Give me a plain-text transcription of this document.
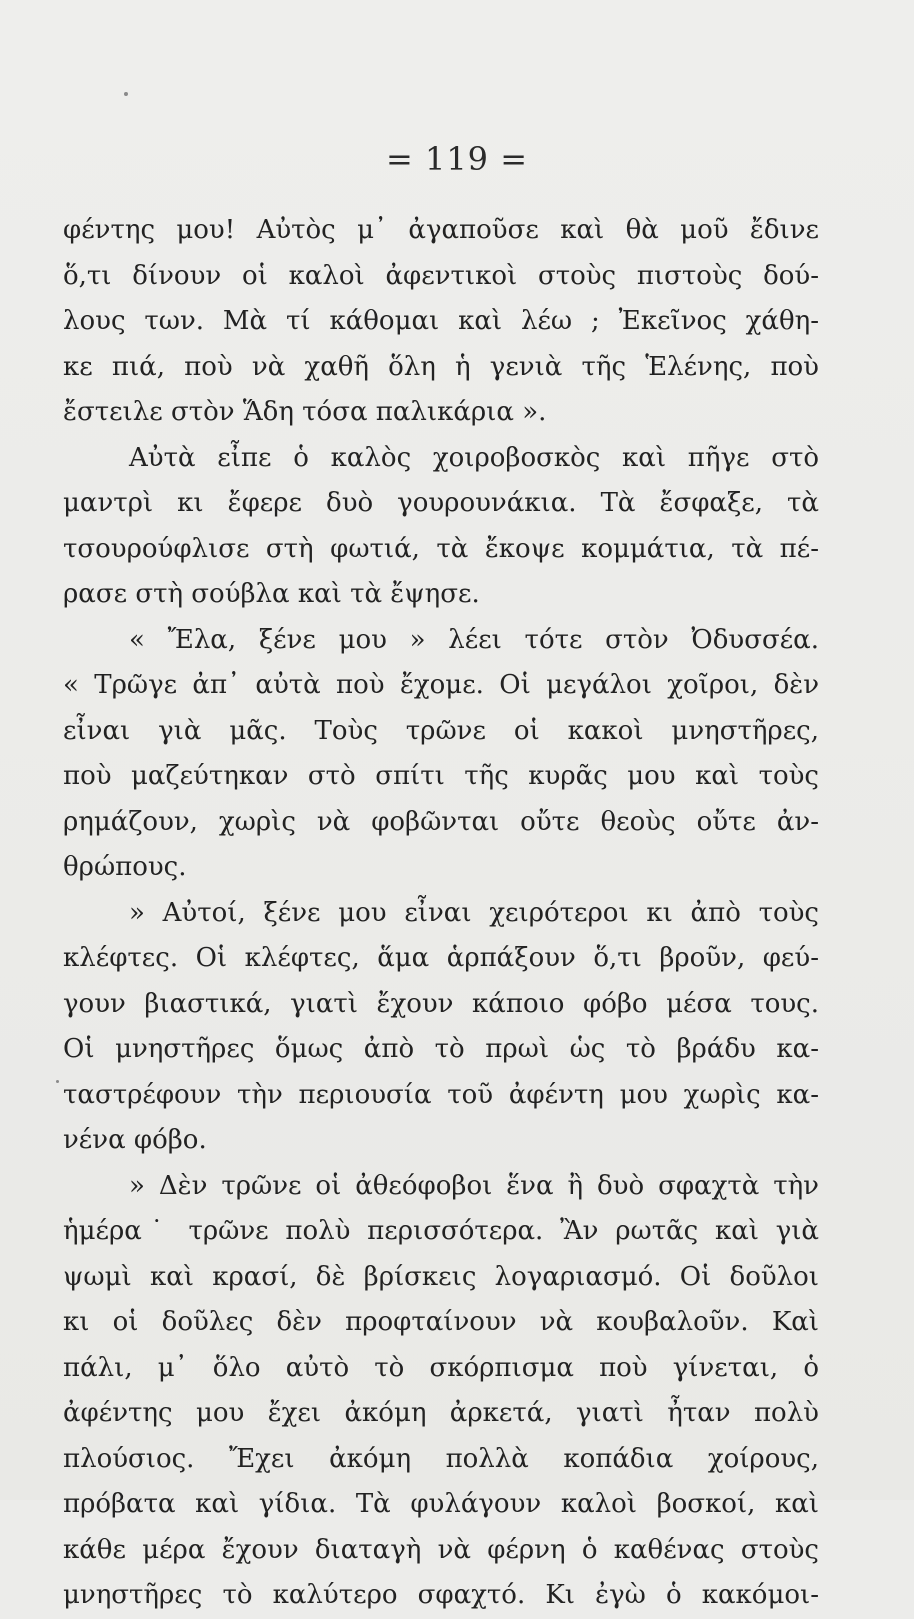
= 119 =
φέντης μου! Αὐτὸς μ᾽ ἀγαποῦσε καὶ θὰ μοῦ ἔδινε
ὅ,τι δίνουν οἱ καλοὶ ἀφεντικοὶ στοὺς πιστοὺς δού-
λους των. Μὰ τί κάθομαι καὶ λέω ; Ἐκεῖνος χάθη-
κε πιά, ποὺ νὰ χαθῆ ὅλη ἡ γενιὰ τῆς Ἑλένης, ποὺ
ἔστειλε στὸν Ἅδη τόσα παλικάρια ».
Αὐτὰ εἶπε ὁ καλὸς χοιροβοσκὸς καὶ πῆγε στὸ
μαντρὶ κι ἔφερε δυὸ γουρουνάκια. Τὰ ἔσφαξε, τὰ
τσουρούφλισε στὴ φωτιά, τὰ ἔκοψε κομμάτια, τὰ πέ-
ρασε στὴ σούβλα καὶ τὰ ἔψησε.
« Ἔλα, ξένε μου » λέει τότε στὸν Ὀδυσσέα.
« Τρῶγε ἀπ᾽ αὐτὰ ποὺ ἔχομε. Οἱ μεγάλοι χοῖροι, δὲν
εἶναι γιὰ μᾶς. Τοὺς τρῶνε οἱ κακοὶ μνηστῆρες,
ποὺ μαζεύτηκαν στὸ σπίτι τῆς κυρᾶς μου καὶ τοὺς
ρημάζουν, χωρὶς νὰ φοβῶνται οὔτε θεοὺς οὔτε ἀν-
θρώπους.
» Αὐτοί, ξένε μου εἶναι χειρότεροι κι ἀπὸ τοὺς
κλέφτες. Οἱ κλέφτες, ἅμα ἁρπάξουν ὅ,τι βροῦν, φεύ-
γουν βιαστικά, γιατὶ ἔχουν κάποιο φόβο μέσα τους.
Οἱ μνηστῆρες ὅμως ἀπὸ τὸ πρωὶ ὡς τὸ βράδυ κα-
ταστρέφουν τὴν περιουσία τοῦ ἀφέντη μου χωρὶς κα-
νένα φόβο.
» Δὲν τρῶνε οἱ ἀθεόφοβοι ἕνα ἢ δυὸ σφαχτὰ τὴν
ἡμέρα˙ τρῶνε πολὺ περισσότερα. Ἂν ρωτᾶς καὶ γιὰ
ψωμὶ καὶ κρασί, δὲ βρίσκεις λογαριασμό. Οἱ δοῦλοι
κι οἱ δοῦλες δὲν προφταίνουν νὰ κουβαλοῦν. Καὶ
πάλι, μ᾽ ὅλο αὐτὸ τὸ σκόρπισμα ποὺ γίνεται, ὁ
ἀφέντης μου ἔχει ἀκόμη ἀρκετά, γιατὶ ἦταν πολὺ
πλούσιος. Ἔχει ἀκόμη πολλὰ κοπάδια χοίρους,
πρόβατα καὶ γίδια. Τὰ φυλάγουν καλοὶ βοσκοί, καὶ
κάθε μέρα ἔχουν διαταγὴ νὰ φέρνη ὁ καθένας στοὺς
μνηστῆρες τὸ καλύτερο σφαχτό. Κι ἐγὼ ὁ κακόμοι-
